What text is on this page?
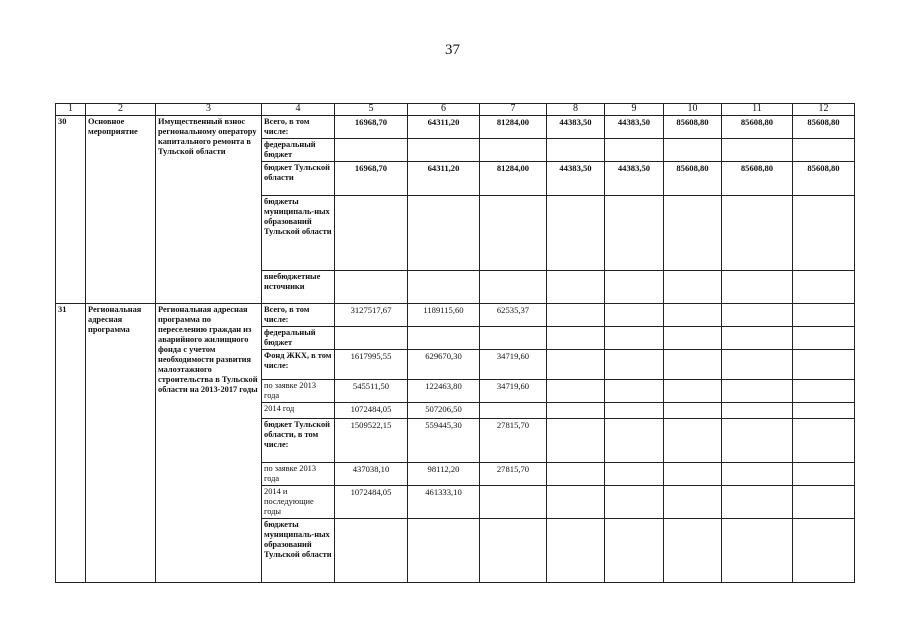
37
1	2	3	4	5	6	7	8	9	10	11	12
30	Основное мероприятие	Имущественный взнос региональному оператору капитального ремонта в Тульской области	Всего, в том числе:	16968,70	64311,20	81284,00	44383,50	44383,50	85608,80	85608,80	85608,80
			федеральный бюджет								
			бюджет Тульской области	16968,70	64311,20	81284,00	44383,50	44383,50	85608,80	85608,80	85608,80
			бюджеты муниципаль-ных образований Тульской области								
			внебюджетные источники								
31	Региональная адресная программа	Региональная адресная программа по переселению граждан из аварийного жилищного фонда с учетом необходимости развития малоэтажного строительства в Тульской области на 2013-2017 годы	Всего, в том числе:	3127517,67	1189115,60	62535,37					
			федеральный бюджет								
			Фонд ЖКХ, в том числе:	1617995,55	629670,30	34719,60					
			по заявке 2013 года	545511,50	122463,80	34719,60					
			2014 год	1072484,05	507206,50						
			бюджет Тульской области, в том числе:	1509522,15	559445,30	27815,70					
			по заявке 2013 года	437038,10	98112,20	27815,70					
			2014 и последующие годы	1072484,05	461333,10						
			бюджеты муниципаль-ных образований Тульской области								
